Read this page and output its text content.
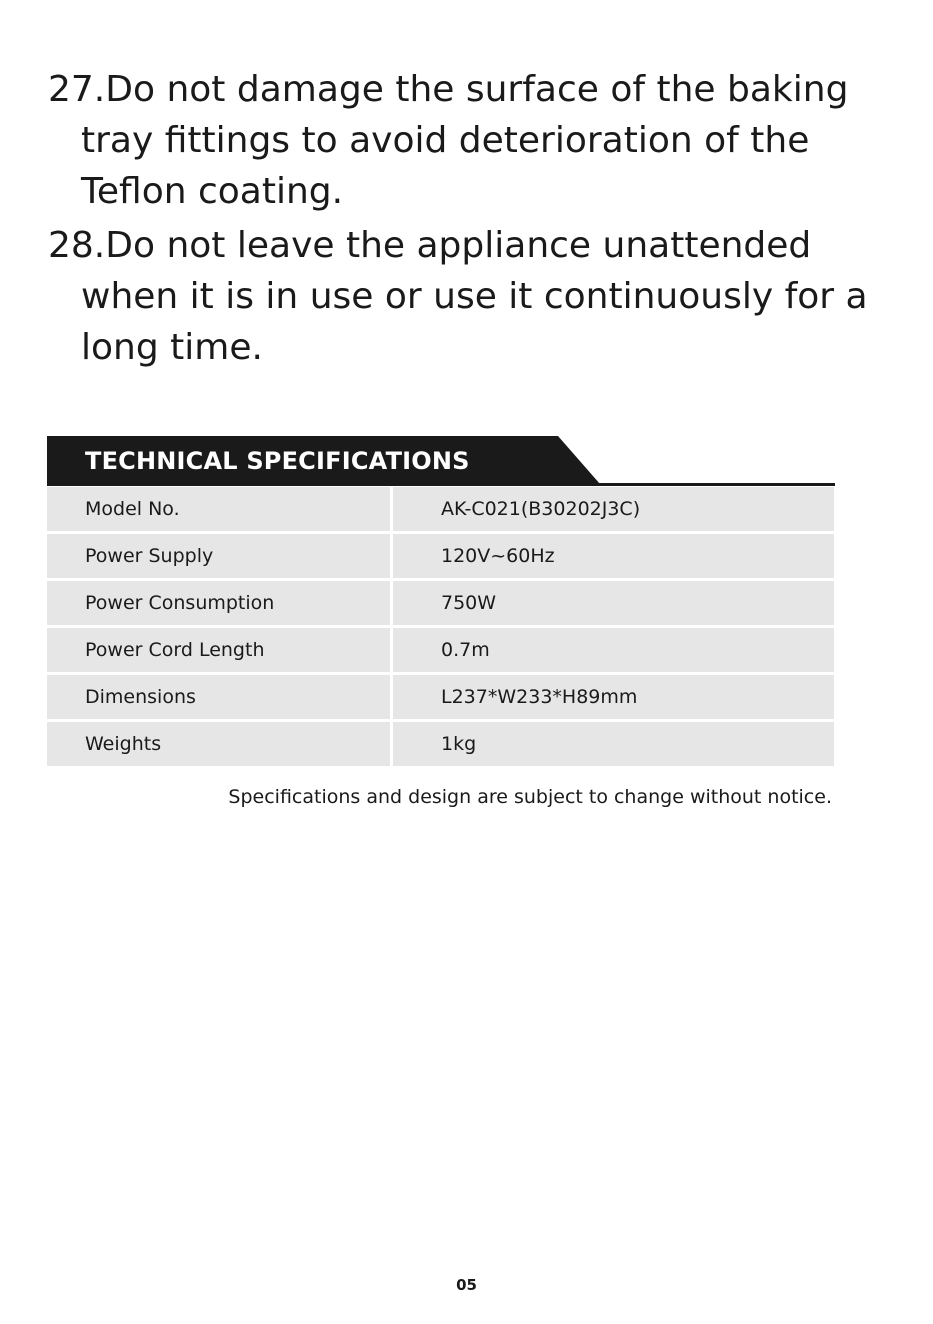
27.Do not damage the surface of the baking
tray fittings to avoid deterioration of the
Teflon coating.
28.Do not leave the appliance unattended
when it is in use or use it continuously for a
long time.
TECHNICAL SPECIFICATIONS
Model No.	AK-C021(B30202J3C)
Power Supply	120V~60Hz
Power Consumption	750W
Power Cord Length	0.7m
Dimensions	L237*W233*H89mm
Weights	1kg
Specifications and design are subject to change without notice.
05
